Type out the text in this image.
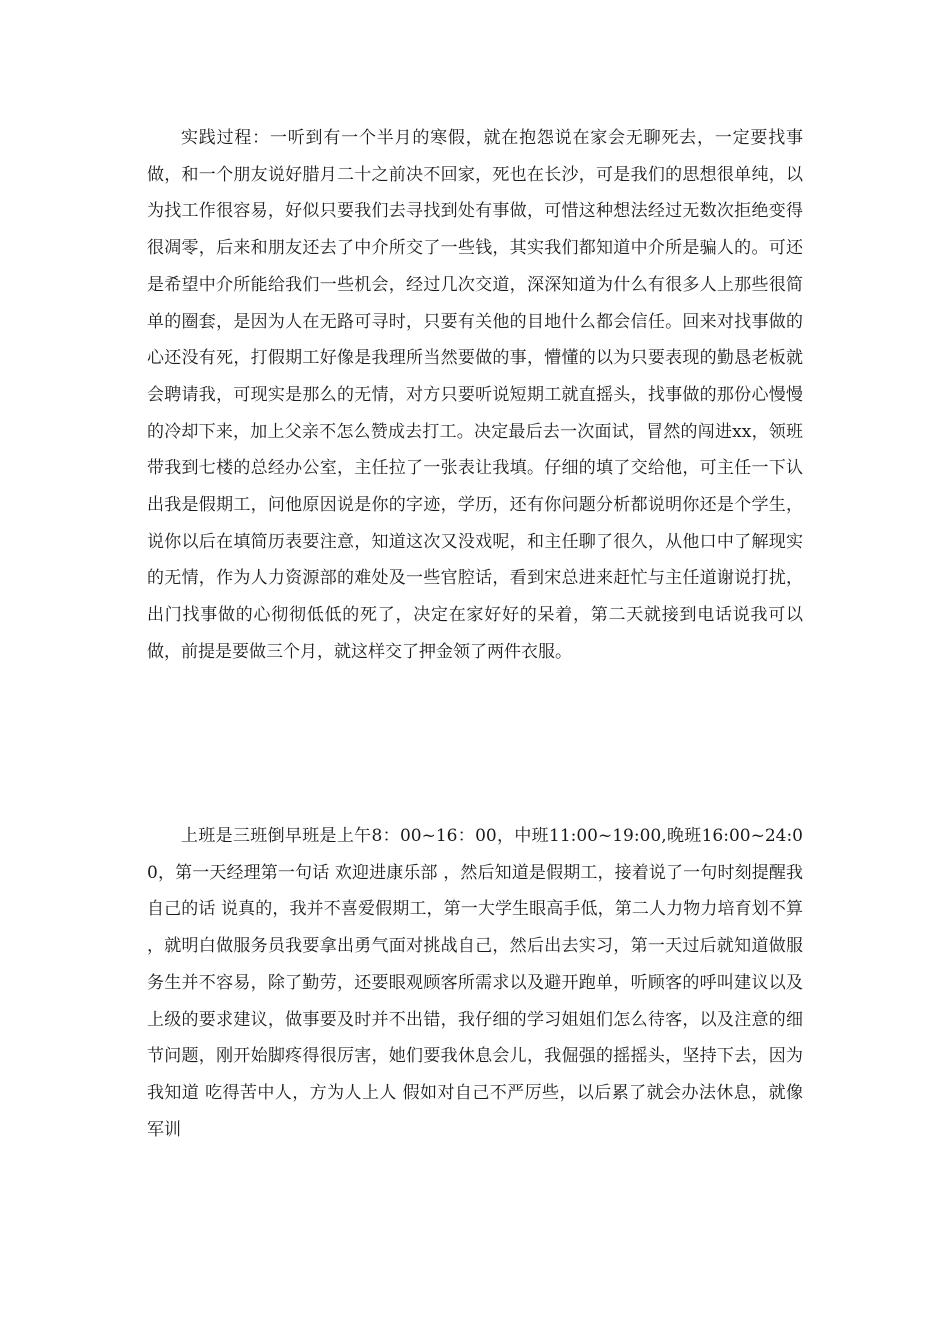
实践过程：一听到有一个半月的寒假，就在抱怨说在家会无聊死去，一定要找事做，和一个朋友说好腊月二十之前决不回家，死也在长沙，可是我们的思想很单纯，以为找工作很容易，好似只要我们去寻找到处有事做，可惜这种想法经过无数次拒绝变得很凋零，后来和朋友还去了中介所交了一些钱，其实我们都知道中介所是骗人的。可还是希望中介所能给我们一些机会，经过几次交道，深深知道为什么有很多人上那些很简单的圈套，是因为人在无路可寻时，只要有关他的目地什么都会信任。回来对找事做的心还没有死，打假期工好像是我理所当然要做的事，懵懂的以为只要表现的勤恳老板就会聘请我，可现实是那么的无情，对方只要听说短期工就直摇头，找事做的那份心慢慢的冷却下来，加上父亲不怎么赞成去打工。决定最后去一次面试，冒然的闯进xx，领班带我到七楼的总经办公室，主任拉了一张表让我填。仔细的填了交给他，可主任一下认出我是假期工，问他原因说是你的字迹，学历，还有你问题分析都说明你还是个学生，说你以后在填简历表要注意，知道这次又没戏呢，和主任聊了很久，从他口中了解现实的无情，作为人力资源部的难处及一些官腔话，看到宋总进来赶忙与主任道谢说打扰，出门找事做的心彻彻低低的死了，决定在家好好的呆着，第二天就接到电话说我可以做，前提是要做三个月，就这样交了押金领了两件衣服。

上班是三班倒早班是上午8：00~16：00，中班11:00~19:00,晚班16:00~24:00，第一天经理第一句话 欢迎进康乐部 ，然后知道是假期工，接着说了一句时刻提醒我自己的话 说真的，我并不喜爱假期工，第一大学生眼高手低，第二人力物力培育划不算 ，就明白做服务员我要拿出勇气面对挑战自己，然后出去实习，第一天过后就知道做服务生并不容易，除了勤劳，还要眼观顾客所需求以及避开跑单，听顾客的呼叫建议以及上级的要求建议，做事要及时并不出错，我仔细的学习姐姐们怎么待客，以及注意的细节问题，刚开始脚疼得很厉害，她们要我休息会儿，我倔强的摇摇头，坚持下去，因为我知道 吃得苦中人，方为人上人 假如对自己不严厉些，以后累了就会办法休息，就像军训
